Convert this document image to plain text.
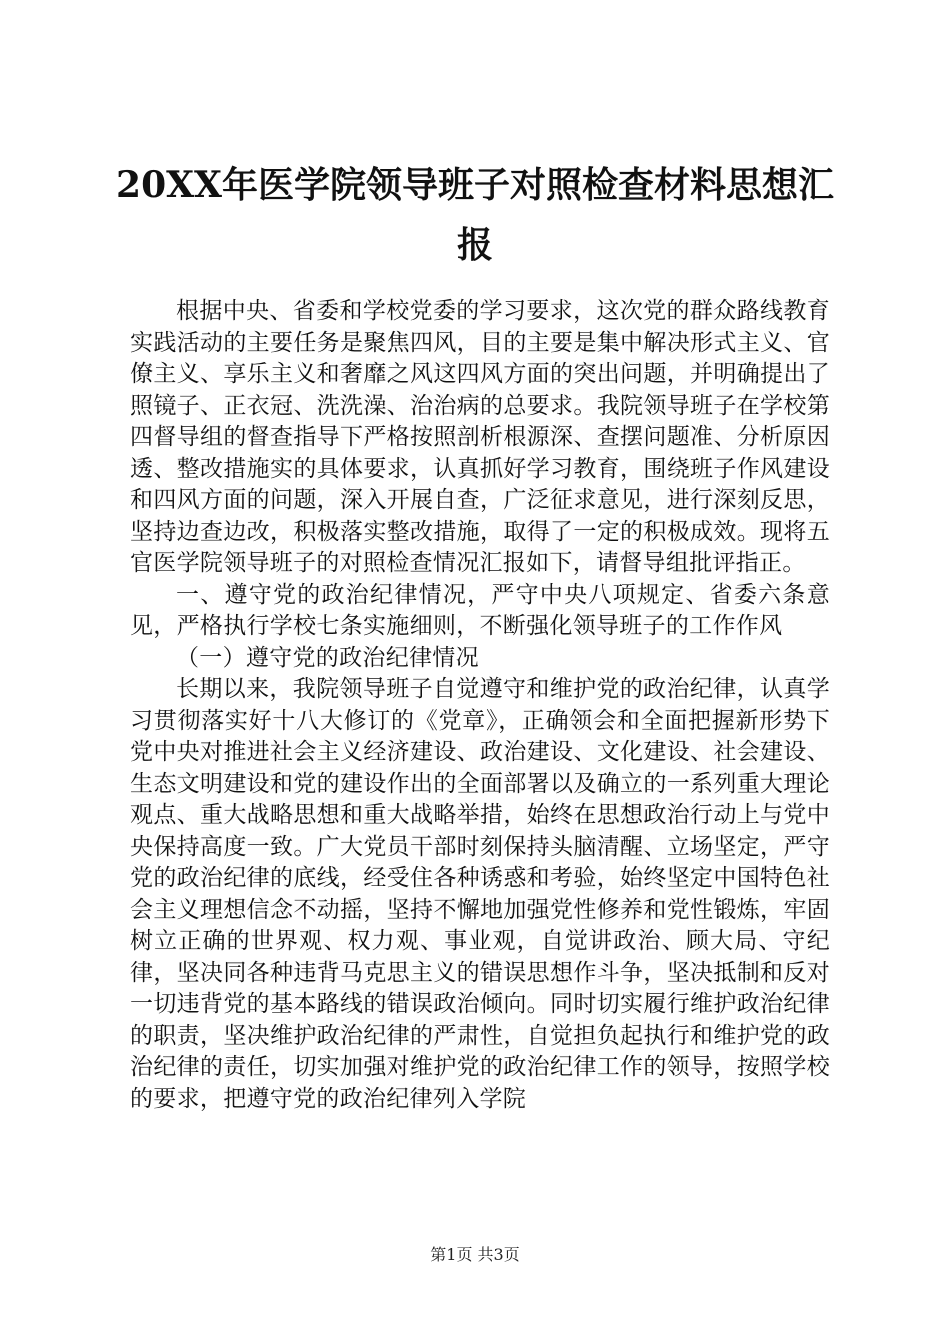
20XX年医学院领导班子对照检查材料思想汇
报

根据中央、省委和学校党委的学习要求，这次党的群众路线教育实践活动的主要任务是聚焦四风，目的主要是集中解决形式主义、官僚主义、享乐主义和奢靡之风这四风方面的突出问题，并明确提出了照镜子、正衣冠、洗洗澡、治治病的总要求。我院领导班子在学校第四督导组的督查指导下严格按照剖析根源深、查摆问题准、分析原因透、整改措施实的具体要求，认真抓好学习教育，围绕班子作风建设和四风方面的问题，深入开展自查，广泛征求意见，进行深刻反思，坚持边查边改，积极落实整改措施，取得了一定的积极成效。现将五官医学院领导班子的对照检查情况汇报如下，请督导组批评指正。

一、遵守党的政治纪律情况，严守中央八项规定、省委六条意见，严格执行学校七条实施细则，不断强化领导班子的工作作风

（一）遵守党的政治纪律情况

长期以来，我院领导班子自觉遵守和维护党的政治纪律，认真学习贯彻落实好十八大修订的《党章》，正确领会和全面把握新形势下党中央对推进社会主义经济建设、政治建设、文化建设、社会建设、生态文明建设和党的建设作出的全面部署以及确立的一系列重大理论观点、重大战略思想和重大战略举措，始终在思想政治行动上与党中央保持高度一致。广大党员干部时刻保持头脑清醒、立场坚定，严守党的政治纪律的底线，经受住各种诱惑和考验，始终坚定中国特色社会主义理想信念不动摇，坚持不懈地加强党性修养和党性锻炼，牢固树立正确的世界观、权力观、事业观，自觉讲政治、顾大局、守纪律，坚决同各种违背马克思主义的错误思想作斗争，坚决抵制和反对一切违背党的基本路线的错误政治倾向。同时切实履行维护政治纪律的职责，坚决维护政治纪律的严肃性，自觉担负起执行和维护党的政治纪律的责任，切实加强对维护党的政治纪律工作的领导，按照学校的要求，把遵守党的政治纪律列入学院

第1页 共3页
